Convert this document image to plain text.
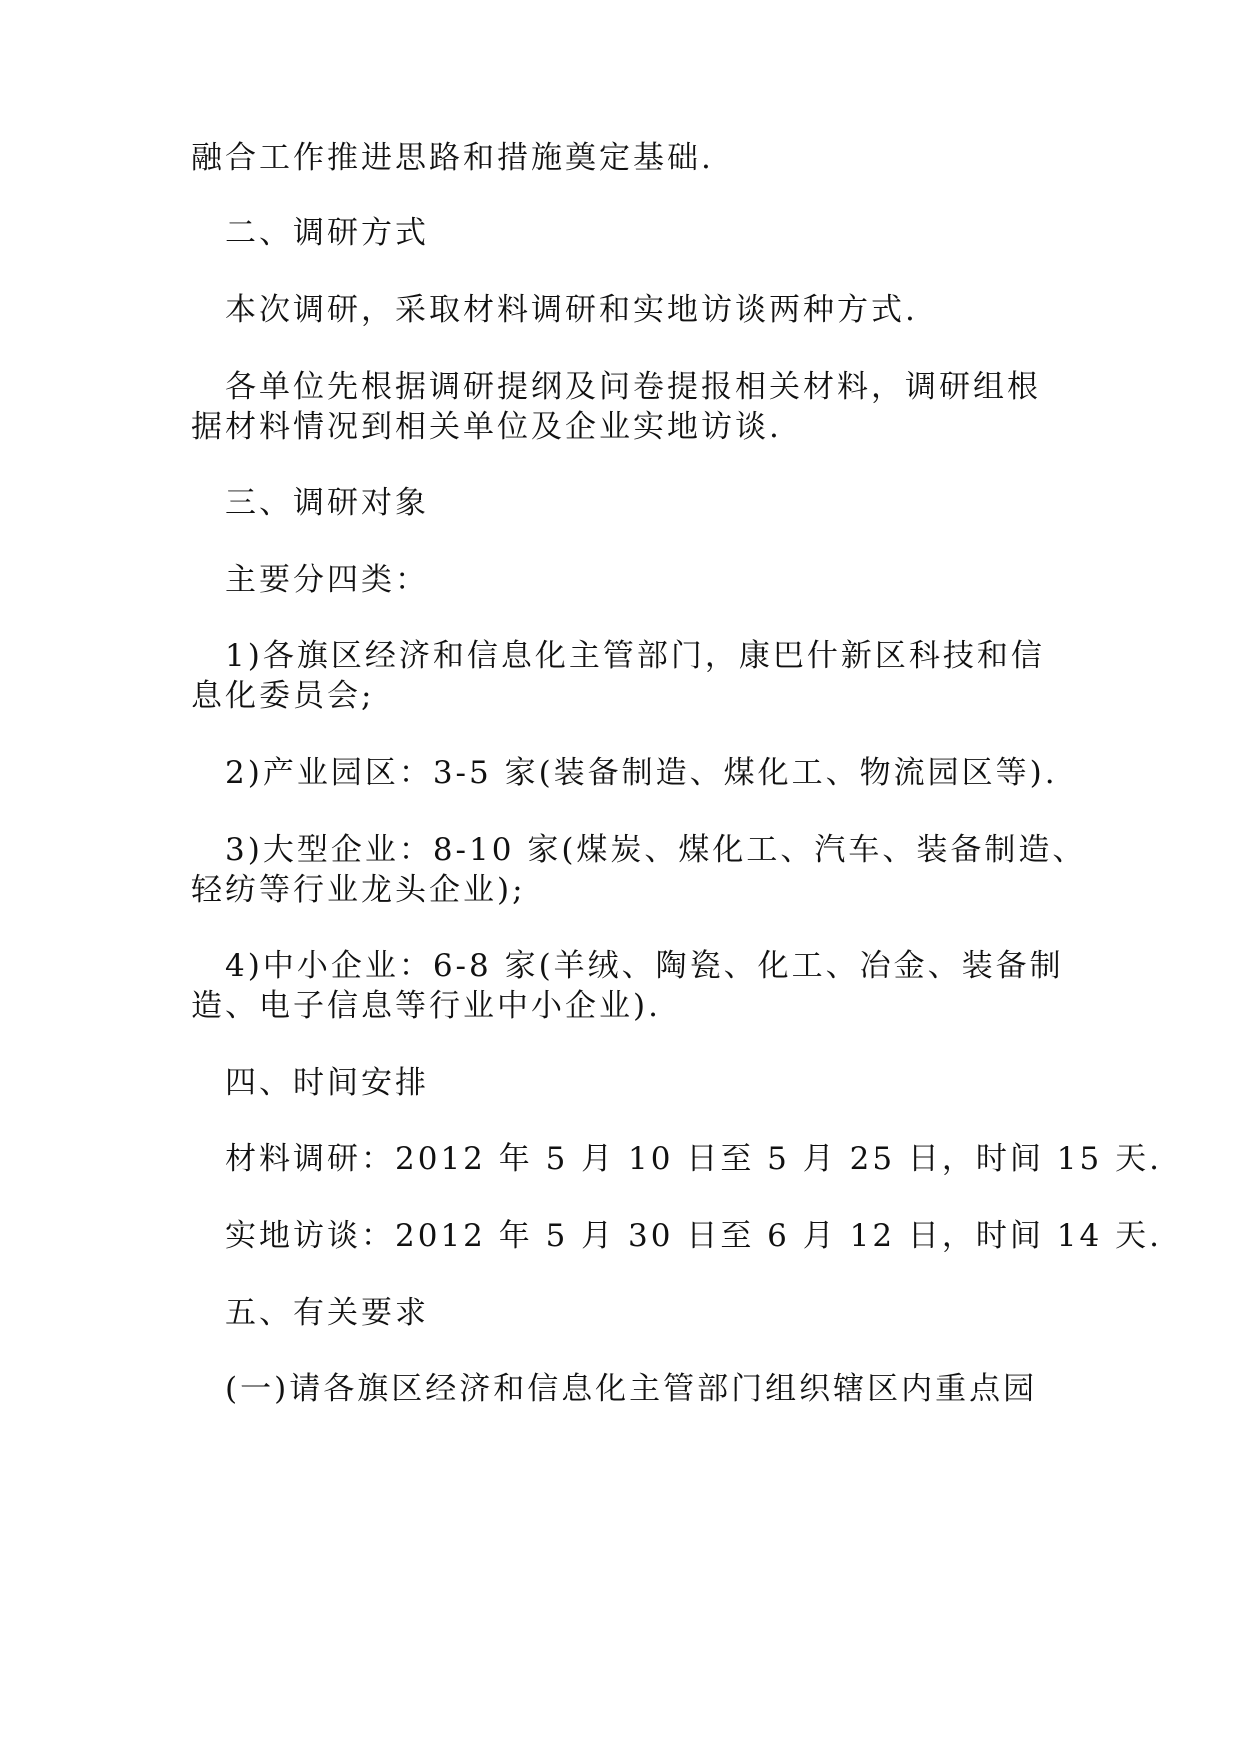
融合工作推进思路和措施奠定基础.
二、调研方式
本次调研，采取材料调研和实地访谈两种方式.
各单位先根据调研提纲及问卷提报相关材料，调研组根
据材料情况到相关单位及企业实地访谈.
三、调研对象
主要分四类：
1)各旗区经济和信息化主管部门，康巴什新区科技和信
息化委员会;
2)产业园区：3-5 家(装备制造、煤化工、物流园区等).
3)大型企业：8-10 家(煤炭、煤化工、汽车、装备制造、
轻纺等行业龙头企业);
4)中小企业：6-8 家(羊绒、陶瓷、化工、冶金、装备制
造、电子信息等行业中小企业).
四、时间安排
材料调研：2012 年 5 月 10 日至 5 月 25 日，时间 15 天.
实地访谈：2012 年 5 月 30 日至 6 月 12 日，时间 14 天.
五、有关要求
(一)请各旗区经济和信息化主管部门组织辖区内重点园
